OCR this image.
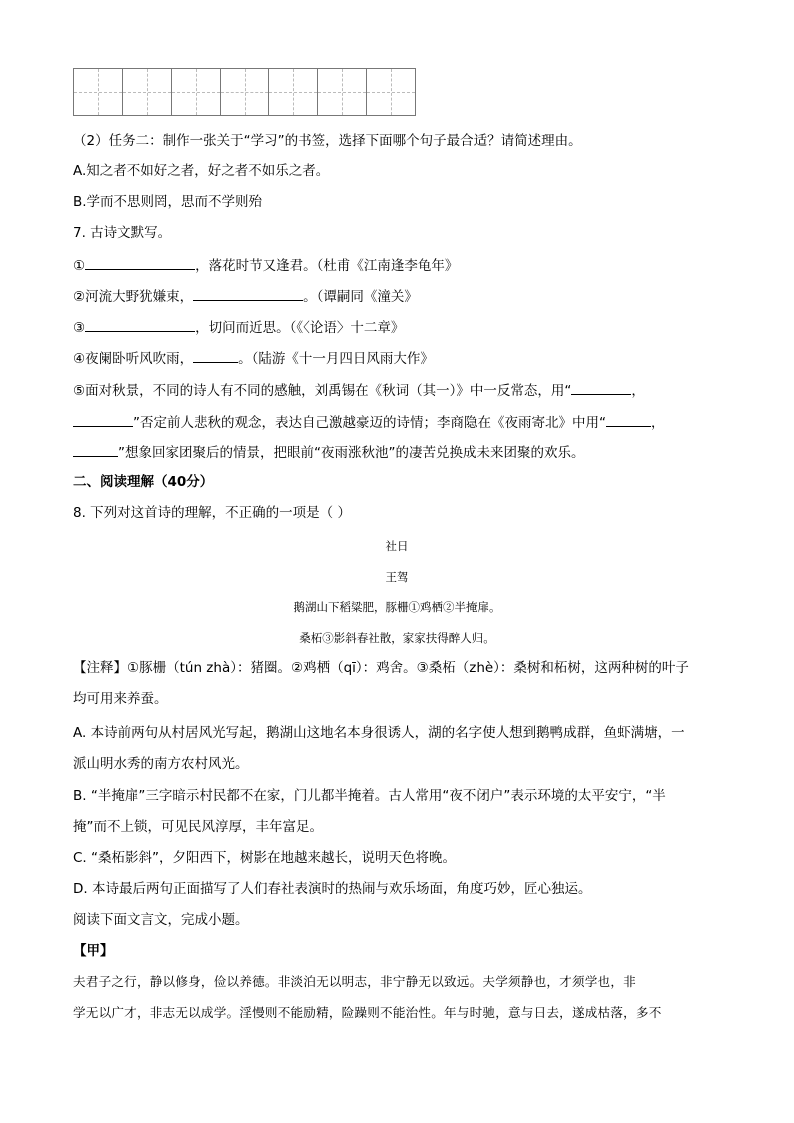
（2）任务二：制作一张关于“学习”的书签，选择下面哪个句子最合适？请简述理由。
A.知之者不如好之者，好之者不如乐之者。
B.学而不思则罔，思而不学则殆
7. 古诗文默写。
①	，落花时节又逢君。（杜甫《江南逢李龟年》
②河流大野犹嫌束，	。（谭嗣同《潼关》
③	，切问而近思。（《〈论语〉十二章》
④夜阑卧听风吹雨，	。（陆游《十一月四日风雨大作》
⑤面对秋景，不同的诗人有不同的感触，刘禹锡在《秋词（其一）》中一反常态，用“	，
”否定前人悲秋的观念，表达自己激越豪迈的诗情；李商隐在《夜雨寄北》中用“	，
”想象回家团聚后的情景，把眼前“夜雨涨秋池”的凄苦兑换成未来团聚的欢乐。
二、阅读理解（40分）
8. 下列对这首诗的理解，不正确的一项是（ ）
社日
王驾
鹅湖山下稻粱肥，豚栅①鸡栖②半掩扉。
桑柘③影斜春社散，家家扶得醉人归。
【注释】①豚栅（tún zhà）：猪圈。②鸡栖（qī）：鸡舍。③桑柘（zhè）：桑树和柘树，这两种树的叶子
均可用来养蚕。
A. 本诗前两句从村居风光写起，鹅湖山这地名本身很诱人，湖的名字使人想到鹅鸭成群，鱼虾满塘，一
派山明水秀的南方农村风光。
B. “半掩扉”三字暗示村民都不在家，门儿都半掩着。古人常用“夜不闭户”表示环境的太平安宁，“半
掩”而不上锁，可见民风淳厚，丰年富足。
C. “桑柘影斜”，夕阳西下，树影在地越来越长，说明天色将晚。
D. 本诗最后两句正面描写了人们春社表演时的热闹与欢乐场面，角度巧妙，匠心独运。
阅读下面文言文，完成小题。
【甲】
夫君子之行，静以修身，俭以养德。非淡泊无以明志，非宁静无以致远。夫学须静也，才须学也，非
学无以广才，非志无以成学。淫慢则不能励精，险躁则不能治性。年与时驰，意与日去，遂成枯落，多不
